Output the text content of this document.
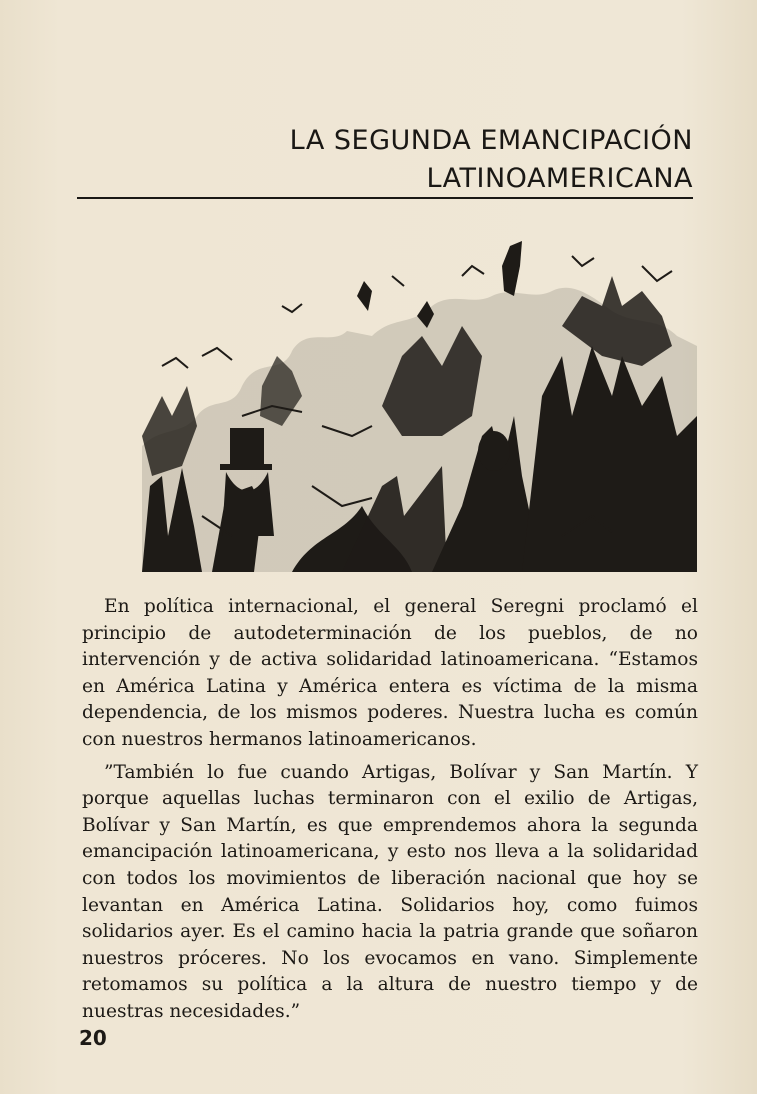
LA SEGUNDA EMANCIPACIÓN
LATINOAMERICANA

En política internacional, el general Seregni proclamó el principio de autodeterminación de los pueblos, de no intervención y de activa solidaridad latinoamericana. “Estamos en América Latina y América entera es víctima de la misma dependencia, de los mismos poderes. Nuestra lucha es común con nuestros hermanos latinoamericanos.

”También lo fue cuando Artigas, Bolívar y San Martín. Y porque aquellas luchas terminaron con el exilio de Artigas, Bolívar y San Martín, es que emprendemos ahora la segunda emancipación latinoamericana, y esto nos lleva a la solidaridad con todos los movimientos de liberación nacional que hoy se levantan en América Latina. Solidarios hoy, como fuimos solidarios ayer. Es el camino hacia la patria grande que soñaron nuestros próceres. No los evocamos en vano. Simplemente retomamos su política a la altura de nuestro tiempo y de nuestras necesidades.”

20
